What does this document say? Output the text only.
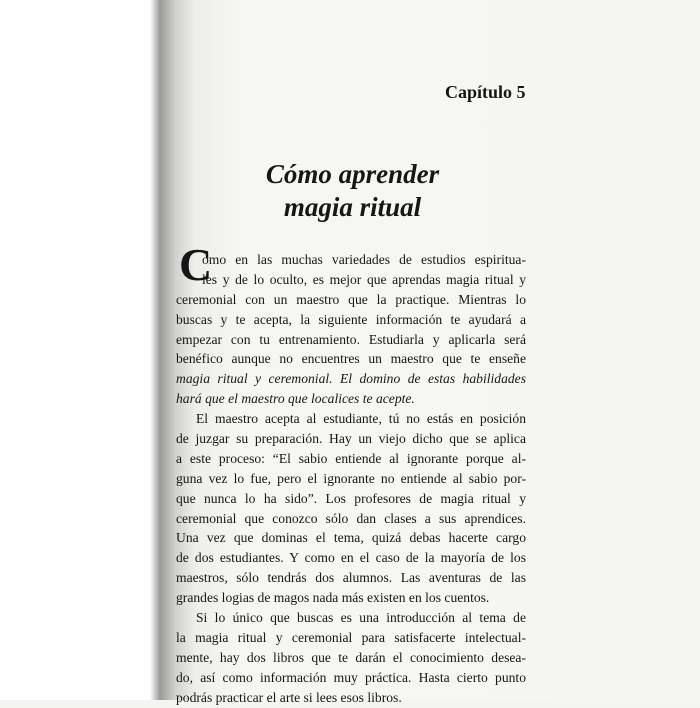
Capítulo 5
Cómo aprender
magia ritual
C
omo en las muchas variedades de estudios espiritua-
les y de lo oculto, es mejor que aprendas magia ritual y
ceremonial con un maestro que la practique. Mientras lo
buscas y te acepta, la siguiente información te ayudará a
empezar con tu entrenamiento. Estudiarla y aplicarla será
benéfico aunque no encuentres un maestro que te enseñe
magia ritual y ceremonial. El domino de estas habilidades
hará que el maestro que localices te acepte.
El maestro acepta al estudiante, tú no estás en posición
de juzgar su preparación. Hay un viejo dicho que se aplica
a este proceso: “El sabio entiende al ignorante porque al-
guna vez lo fue, pero el ignorante no entiende al sabio por-
que nunca lo ha sido”. Los profesores de magia ritual y
ceremonial que conozco sólo dan clases a sus aprendices.
Una vez que dominas el tema, quizá debas hacerte cargo
de dos estudiantes. Y como en el caso de la mayoría de los
maestros, sólo tendrás dos alumnos. Las aventuras de las
grandes logias de magos nada más existen en los cuentos.
Si lo único que buscas es una introducción al tema de
la magia ritual y ceremonial para satisfacerte intelectual-
mente, hay dos libros que te darán el conocimiento desea-
do, así como información muy práctica. Hasta cierto punto
podrás practicar el arte si lees esos libros.
